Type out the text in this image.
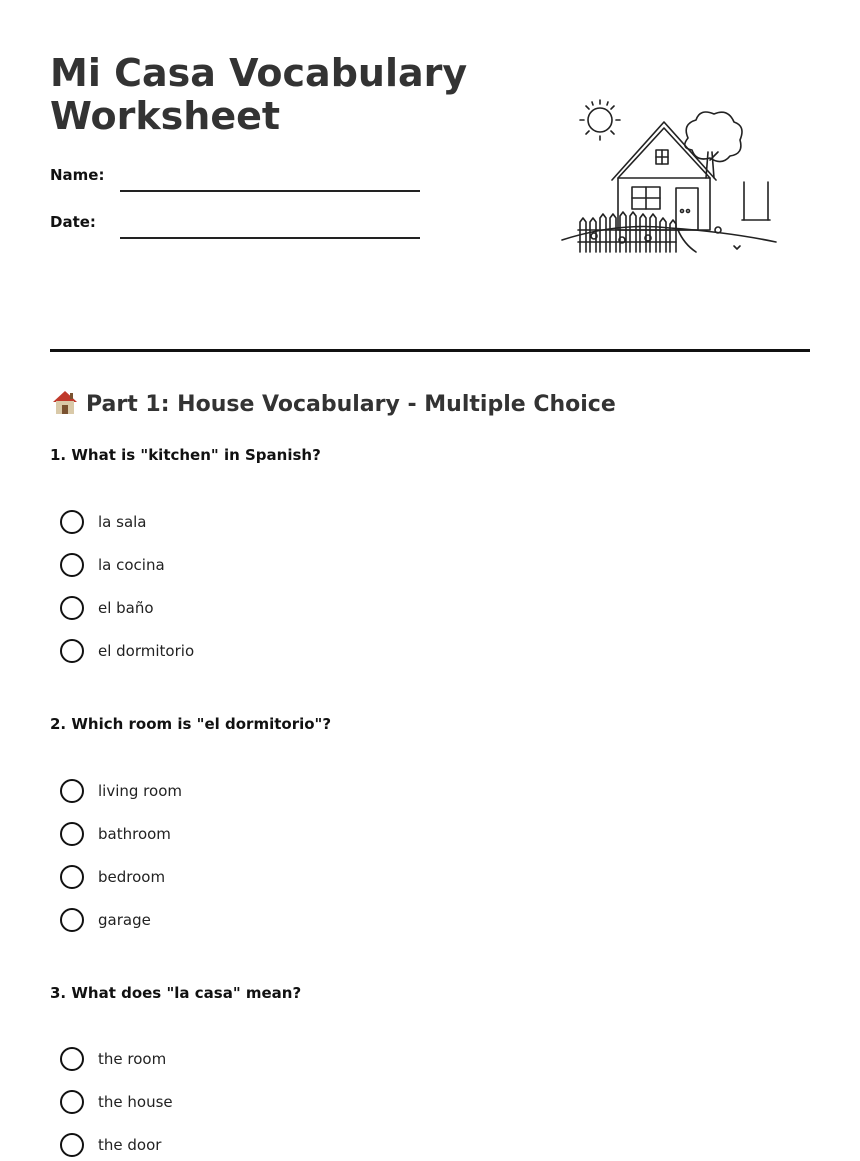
Mi Casa Vocabulary Worksheet
Name:
Date:
Part 1: House Vocabulary - Multiple Choice

1. What is "kitchen" in Spanish?

la sala
la cocina
el baño
el dormitorio

2. Which room is "el dormitorio"?

living room
bathroom
bedroom
garage

3. What does "la casa" mean?

the room
the house
the door
